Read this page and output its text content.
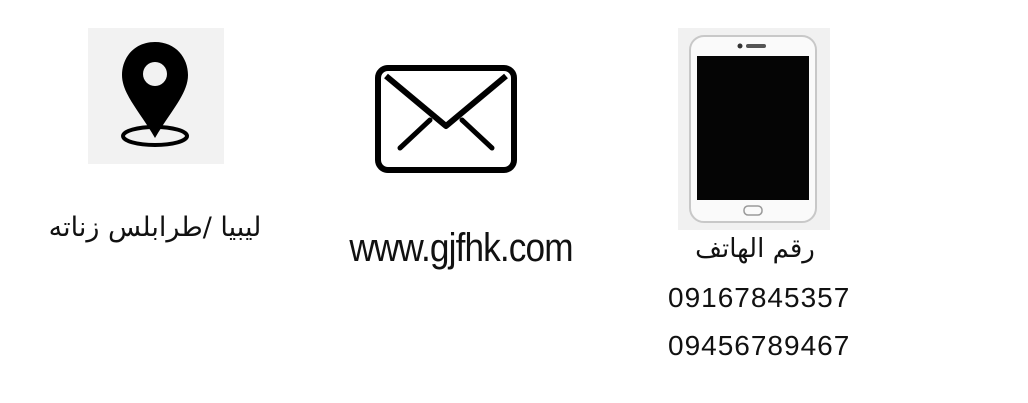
ليبيا /طرابلس زناته	www.gjfhk.com	رقم الهاتف
09167845357
09456789467
